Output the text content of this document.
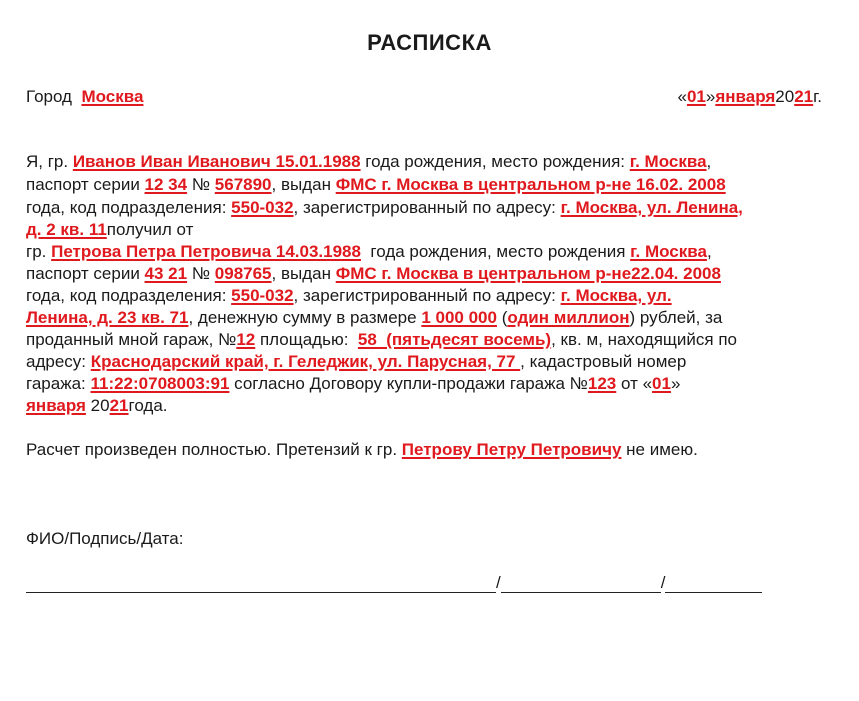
РАСПИСКА
Город Москва	«01»января2021г.
Я, гр. Иванов Иван Иванович 15.01.1988 года рождения, место рождения: г. Москва,
паспорт серии 12 34 № 567890, выдан ФМС г. Москва в центральном р-не 16.02. 2008
года, код подразделения: 550-032, зарегистрированный по адресу: г. Москва, ул. Ленина,
д. 2 кв. 11получил от
гр. Петрова Петра Петровича 14.03.1988  года рождения, место рождения г. Москва,
паспорт серии 43 21 № 098765, выдан ФМС г. Москва в центральном р-не22.04. 2008
года, код подразделения: 550-032, зарегистрированный по адресу: г. Москва, ул.
Ленина, д. 23 кв. 71, денежную сумму в размере 1 000 000 (один миллион) рублей, за
проданный мной гараж, №12 площадью:  58  (пятьдесят восемь), кв. м, находящийся по
адресу: Краснодарский край, г. Геледжик, ул. Парусная, 77 , кадастровый номер
гаража: 11:22:0708003:91 согласно Договору купли-продажи гаража №123 от «01»
января 2021года.
Расчет произведен полностью. Претензий к гр. Петрову Петру Петровичу не имею.
ФИО/Подпись/Дата:
/	/
